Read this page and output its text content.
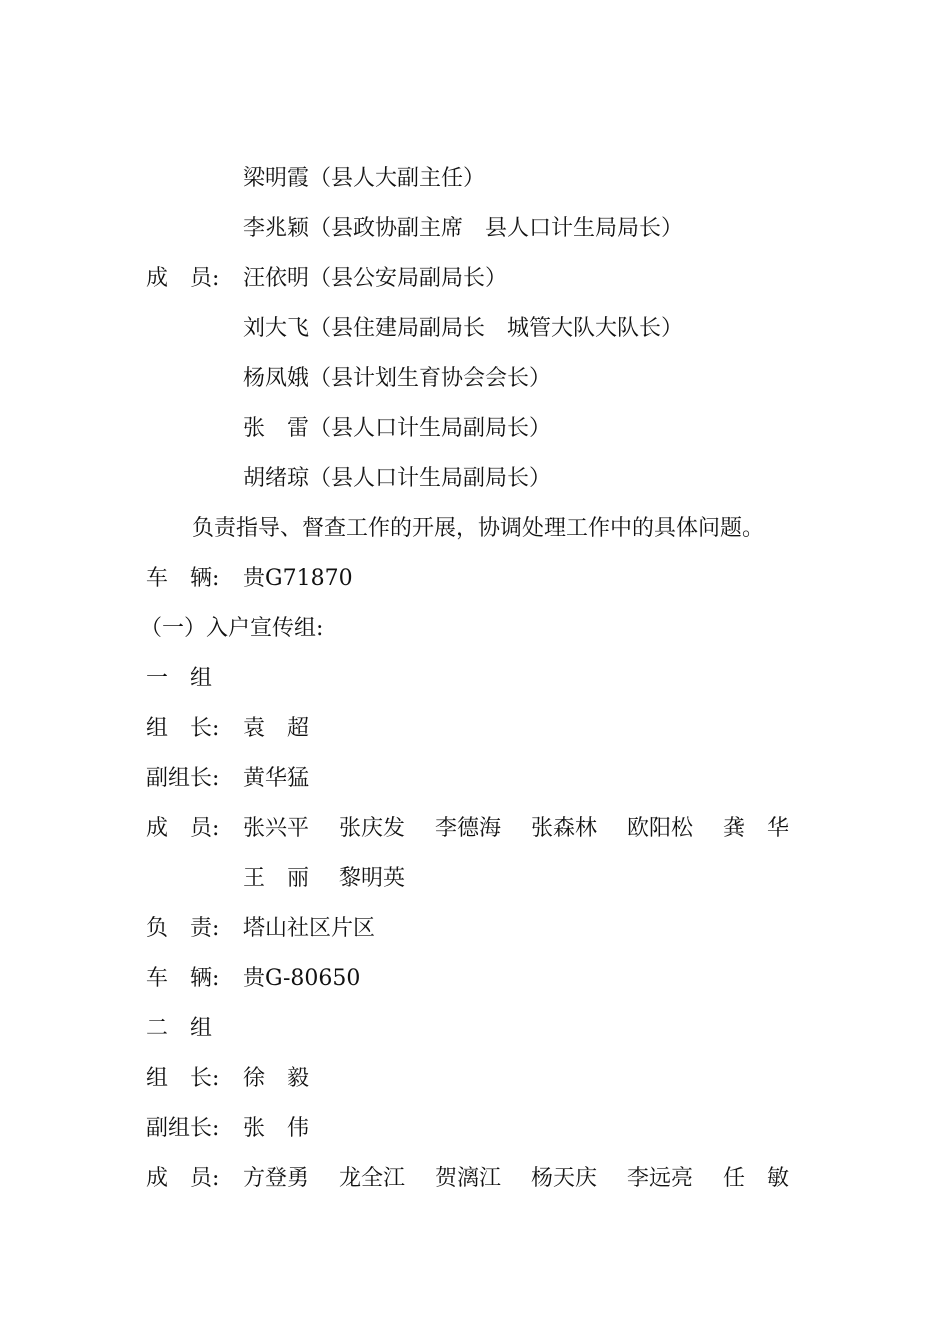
梁明霞（县人大副主任）
李兆颖（县政协副主席　县人口计生局局长）
成　员: 汪依明（县公安局副局长）
刘大飞（县住建局副局长　城管大队大队长）
杨凤娥（县计划生育协会会长）
张　雷（县人口计生局副局长）
胡绪琼（县人口计生局副局长）
负责指导、督查工作的开展，协调处理工作中的具体问题。
车　辆: 贵G71870
（一）入户宣传组:
一　组
组　长: 袁　超
副组长: 黄华猛
成　员: 张兴平	张庆发	李德海	张森林	欧阳松	龚　华
王　丽	黎明英
负　责: 塔山社区片区
车　辆: 贵G-80650
二　组
组　长: 徐　毅
副组长: 张　伟
成　员: 方登勇	龙全江	贺漓江	杨天庆	李远亮	任　敏
